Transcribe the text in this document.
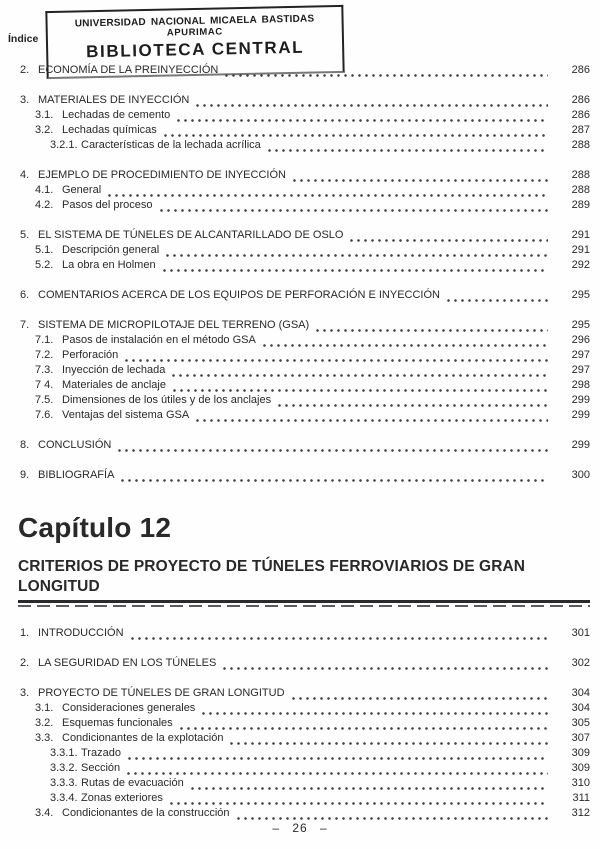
Índice
UNIVERSIDAD NACIONAL MICAELA BASTIDAS
APURIMAC
BIBLIOTECA CENTRAL
2. ECONOMÍA DE LA PREINYECCIÓN	286
3. MATERIALES DE INYECCIÓN	286
3.1. Lechadas de cemento	286
3.2. Lechadas químicas	287
3.2.1. Características de la lechada acrílica	288
4. EJEMPLO DE PROCEDIMIENTO DE INYECCIÓN	288
4.1. General	288
4.2. Pasos del proceso	289
5. EL SISTEMA DE TÚNELES DE ALCANTARILLADO DE OSLO	291
5.1. Descripción general	291
5.2. La obra en Holmen	292
6. COMENTARIOS ACERCA DE LOS EQUIPOS DE PERFORACIÓN E INYECCIÓN	295
7. SISTEMA DE MICROPILOTAJE DEL TERRENO (GSA)	295
7.1. Pasos de instalación en el método GSA	296
7.2. Perforación	297
7.3. Inyección de lechada	297
7 4. Materiales de anclaje	298
7.5. Dimensiones de los útiles y de los anclajes	299
7.6. Ventajas del sistema GSA	299
8. CONCLUSIÓN	299
9. BIBLIOGRAFÍA	300
Capítulo 12
CRITERIOS DE PROYECTO DE TÚNELES FERROVIARIOS DE GRAN
LONGITUD
1. INTRODUCCIÓN	301
2. LA SEGURIDAD EN LOS TÚNELES	302
3. PROYECTO DE TÚNELES DE GRAN LONGITUD	304
3.1. Consideraciones generales	304
3.2. Esquemas funcionales	305
3.3. Condicionantes de la explotación	307
3.3.1. Trazado	309
3.3.2. Sección	309
3.3.3. Rutas de evacuación	310
3.3.4. Zonas exteriores	311
3.4. Condicionantes de la construcción	312
– 26 –
